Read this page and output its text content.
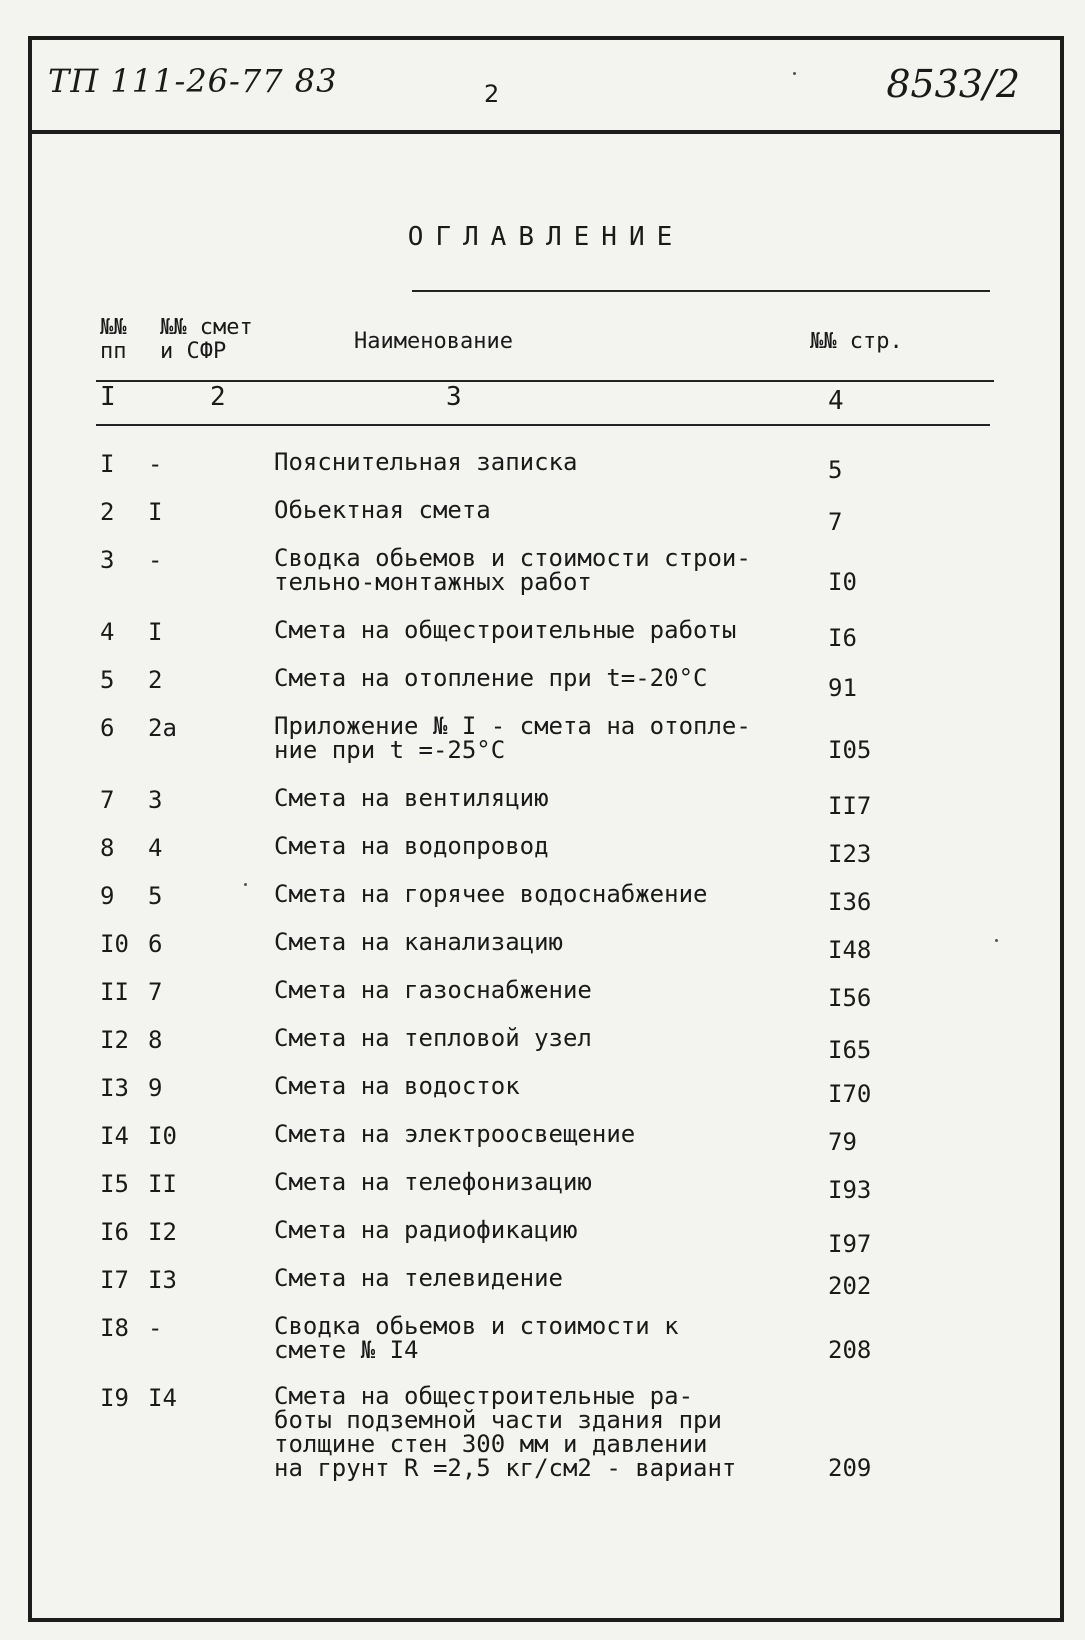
ТП 111-26-77 83	2	8533/2
ОГЛАВЛЕНИЕ
№№
пп
№№ смет
и СФР	Наименование	№№ стр.
I	2	3	4
I	-	Пояснительная записка	5
2	I	Обьектная смета	7
3	-	Сводка обьемов и стоимости строи-
тельно-монтажных работ	I0
4	I	Смета на общестроительные работы	I6
5	2	Смета на отопление при t=-20°С	91
6	2а	Приложение № I - смета на отопле-
ние при t =-25°С	I05
7	3	Смета на вентиляцию	II7
8	4	Смета на водопровод	I23
9	5	Смета на горячее водоснабжение	I36
I0 6	Смета на канализацию	I48
II 7	Смета на газоснабжение	I56
I2 8	Смета на тепловой узел	I65
I3 9	Смета на водосток	I70
I4 I0	Смета на электроосвещение	79
I5 II	Смета на телефонизацию	I93
I6 I2	Смета на радиофикацию	I97
I7 I3	Смета на телевидение	202
I8 -	Сводка обьемов и стоимости к
смете № I4	208
I9 I4	Смета на общестроительные ра-
боты подземной части здания при
толщине стен 300 мм и давлении
на грунт R =2,5 кг/см2 - вариант	209
